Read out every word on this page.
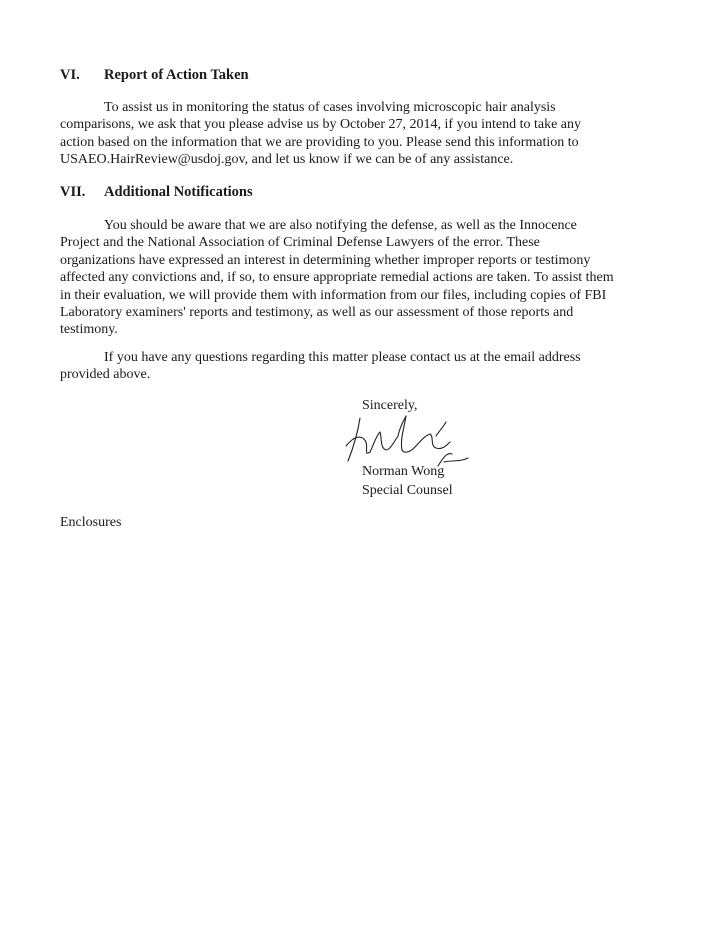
VI. Report of Action Taken

To assist us in monitoring the status of cases involving microscopic hair analysis comparisons, we ask that you please advise us by October 27, 2014, if you intend to take any action based on the information that we are providing to you. Please send this information to USAEO.HairReview@usdoj.gov, and let us know if we can be of any assistance.

VII. Additional Notifications

You should be aware that we are also notifying the defense, as well as the Innocence Project and the National Association of Criminal Defense Lawyers of the error. These organizations have expressed an interest in determining whether improper reports or testimony affected any convictions and, if so, to ensure appropriate remedial actions are taken. To assist them in their evaluation, we will provide them with information from our files, including copies of FBI Laboratory examiners' reports and testimony, as well as our assessment of those reports and testimony.

If you have any questions regarding this matter please contact us at the email address provided above.

Sincerely,
Norman Wong
Special Counsel
Enclosures
